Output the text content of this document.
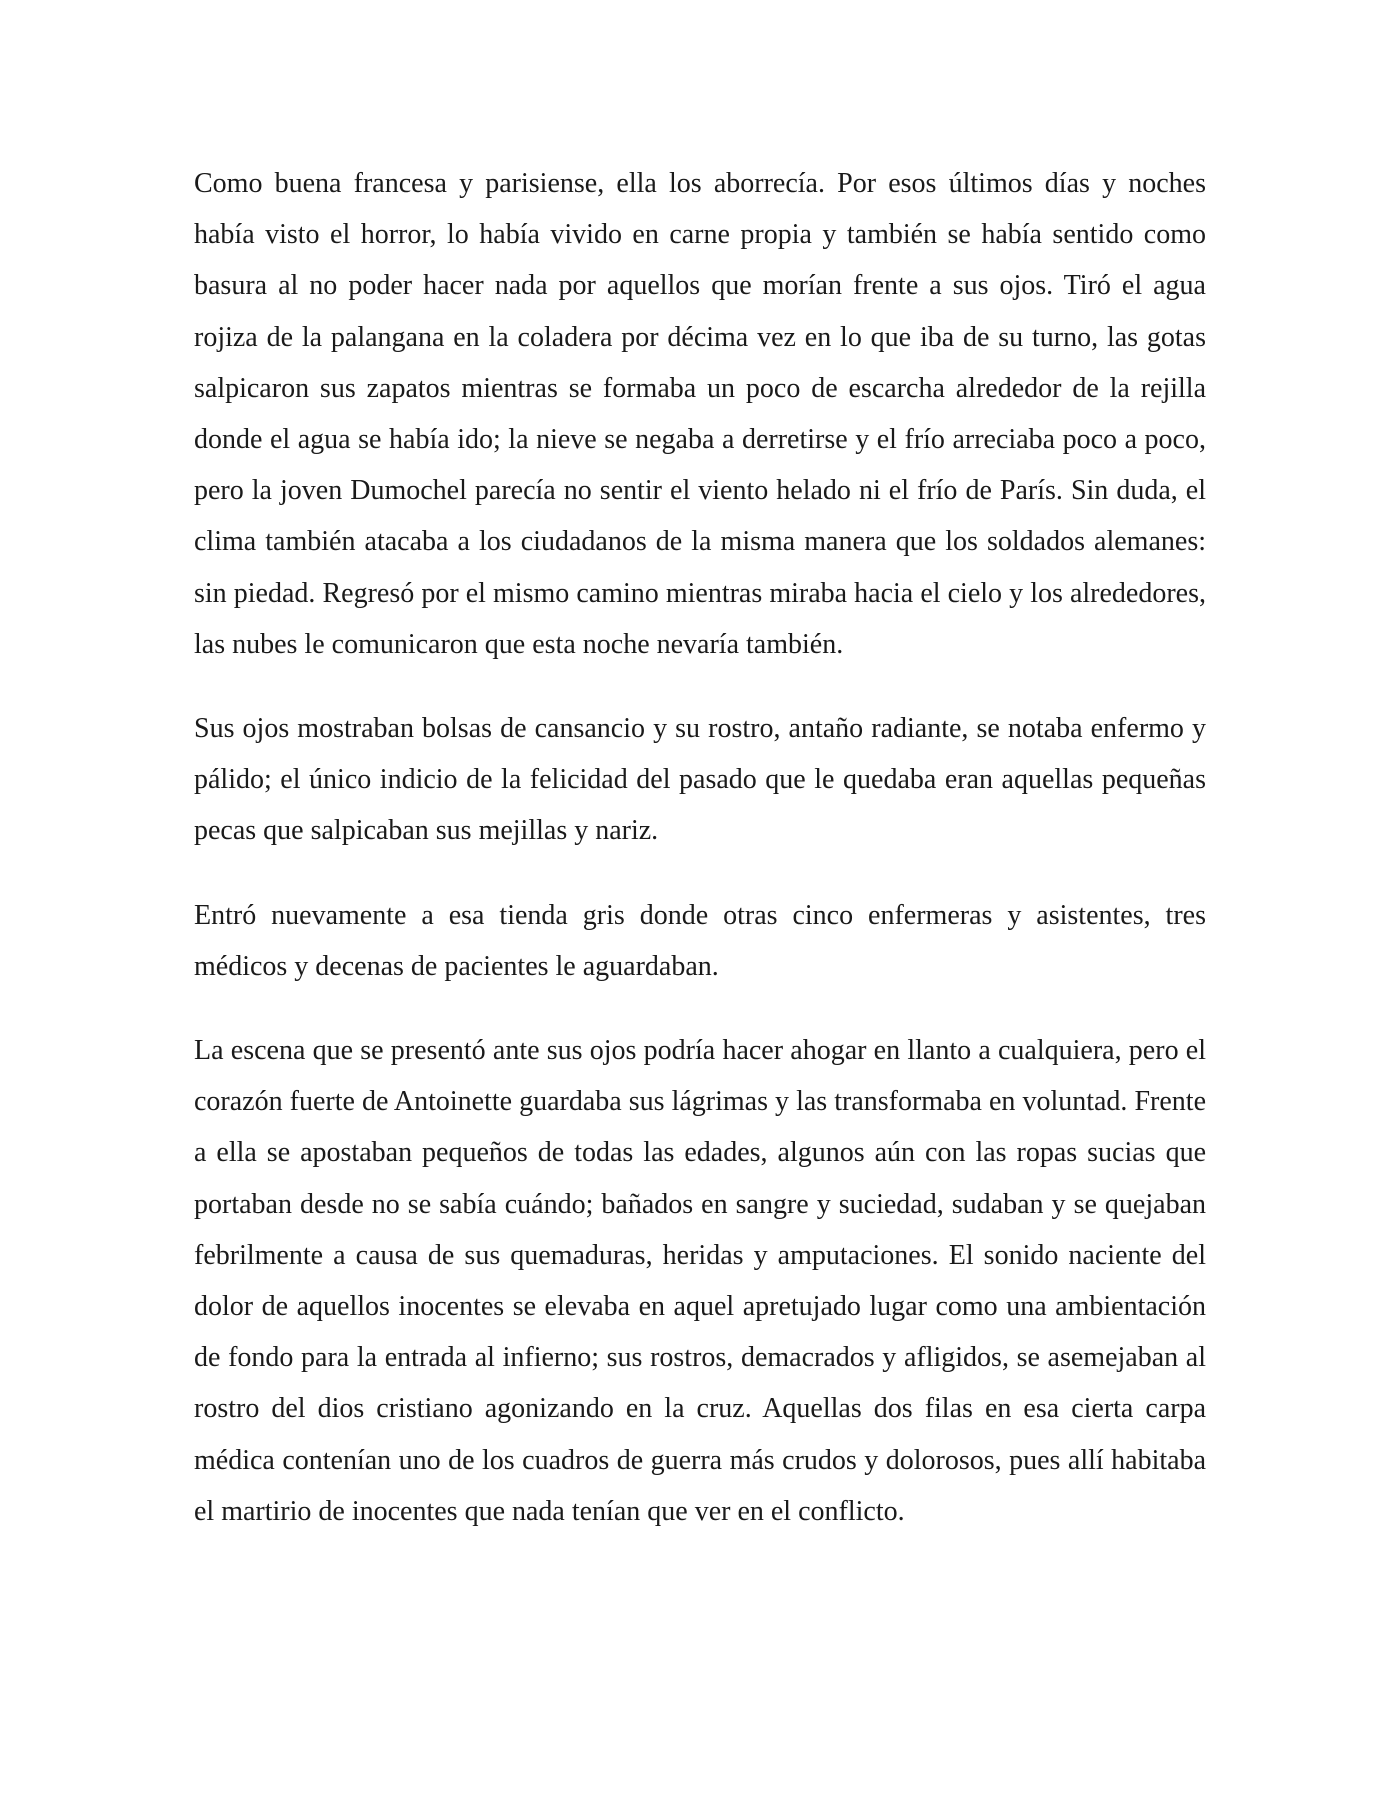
Como buena francesa y parisiense, ella los aborrecía. Por esos últimos días y noches había visto el horror, lo había vivido en carne propia y también se había sentido como basura al no poder hacer nada por aquellos que morían frente a sus ojos. Tiró el agua rojiza de la palangana en la coladera por décima vez en lo que iba de su turno, las gotas salpicaron sus zapatos mientras se formaba un poco de escarcha alrededor de la rejilla donde el agua se había ido; la nieve se negaba a derretirse y el frío arreciaba poco a poco, pero la joven Dumochel parecía no sentir el viento helado ni el frío de París. Sin duda, el clima también atacaba a los ciudadanos de la misma manera que los soldados alemanes: sin piedad. Regresó por el mismo camino mientras miraba hacia el cielo y los alrededores, las nubes le comunicaron que esta noche nevaría también.

Sus ojos mostraban bolsas de cansancio y su rostro, antaño radiante, se notaba enfermo y pálido; el único indicio de la felicidad del pasado que le quedaba eran aquellas pequeñas pecas que salpicaban sus mejillas y nariz.

Entró nuevamente a esa tienda gris donde otras cinco enfermeras y asistentes, tres médicos y decenas de pacientes le aguardaban.

La escena que se presentó ante sus ojos podría hacer ahogar en llanto a cualquiera, pero el corazón fuerte de Antoinette guardaba sus lágrimas y las transformaba en voluntad. Frente a ella se apostaban pequeños de todas las edades, algunos aún con las ropas sucias que portaban desde no se sabía cuándo; bañados en sangre y suciedad, sudaban y se quejaban febrilmente a causa de sus quemaduras, heridas y amputaciones. El sonido naciente del dolor de aquellos inocentes se elevaba en aquel apretujado lugar como una ambientación de fondo para la entrada al infierno; sus rostros, demacrados y afligidos, se asemejaban al rostro del dios cristiano agonizando en la cruz. Aquellas dos filas en esa cierta carpa médica contenían uno de los cuadros de guerra más crudos y dolorosos, pues allí habitaba el martirio de inocentes que nada tenían que ver en el conflicto.
